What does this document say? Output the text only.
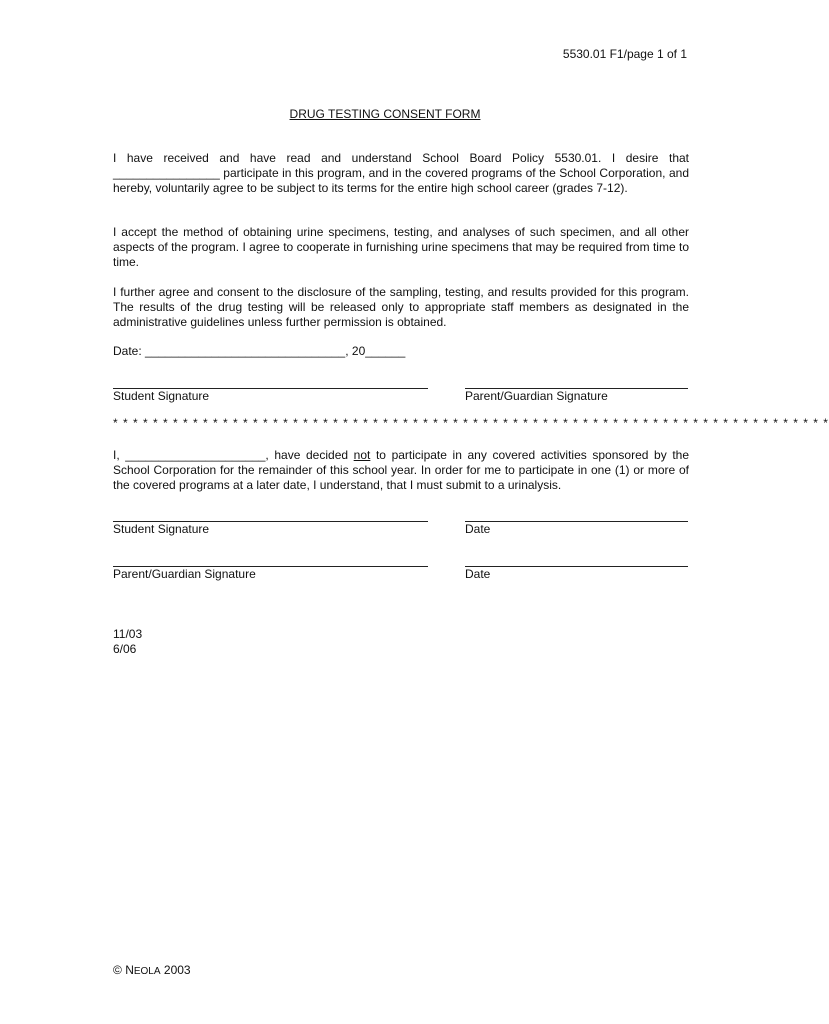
5530.01 F1/page 1 of 1
DRUG TESTING CONSENT FORM
I have received and have read and understand School Board Policy 5530.01. I desire that ________________ participate in this program, and in the covered programs of the School Corporation, and hereby, voluntarily agree to be subject to its terms for the entire high school career (grades 7-12).
I accept the method of obtaining urine specimens, testing, and analyses of such specimen, and all other aspects of the program. I agree to cooperate in furnishing urine specimens that may be required from time to time.
I further agree and consent to the disclosure of the sampling, testing, and results provided for this program. The results of the drug testing will be released only to appropriate staff members as designated in the administrative guidelines unless further permission is obtained.
Date: ______________________________, 20______
Student Signature	Parent/Guardian Signature
* * * * * * * * * * * * * * * * * * * * * * * * * * * * * * * * * * * * * * * * * * * * * * * * * * * * * * * * * * * * * * * * * * * * * * * *
I, _____________________, have decided not to participate in any covered activities sponsored by the School Corporation for the remainder of this school year. In order for me to participate in one (1) or more of the covered programs at a later date, I understand, that I must submit to a urinalysis.
Student Signature	Date
Parent/Guardian Signature	Date
11/03
6/06
© NEOLA 2003
